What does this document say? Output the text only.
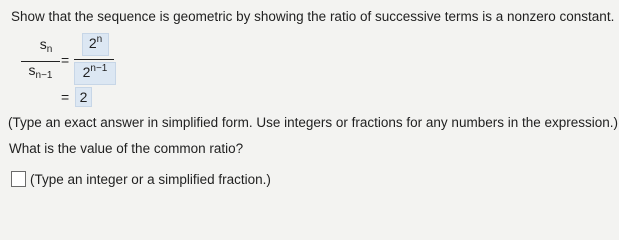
Show that the sequence is geometric by showing the ratio of successive terms is a nonzero constant.
$s_n$
$s_{n-1}$
=
$2^n$
$2^{n-1}$
= 2
(Type an exact answer in simplified form. Use integers or fractions for any numbers in the expression.)
What is the value of the common ratio?
(Type an integer or a simplified fraction.)
